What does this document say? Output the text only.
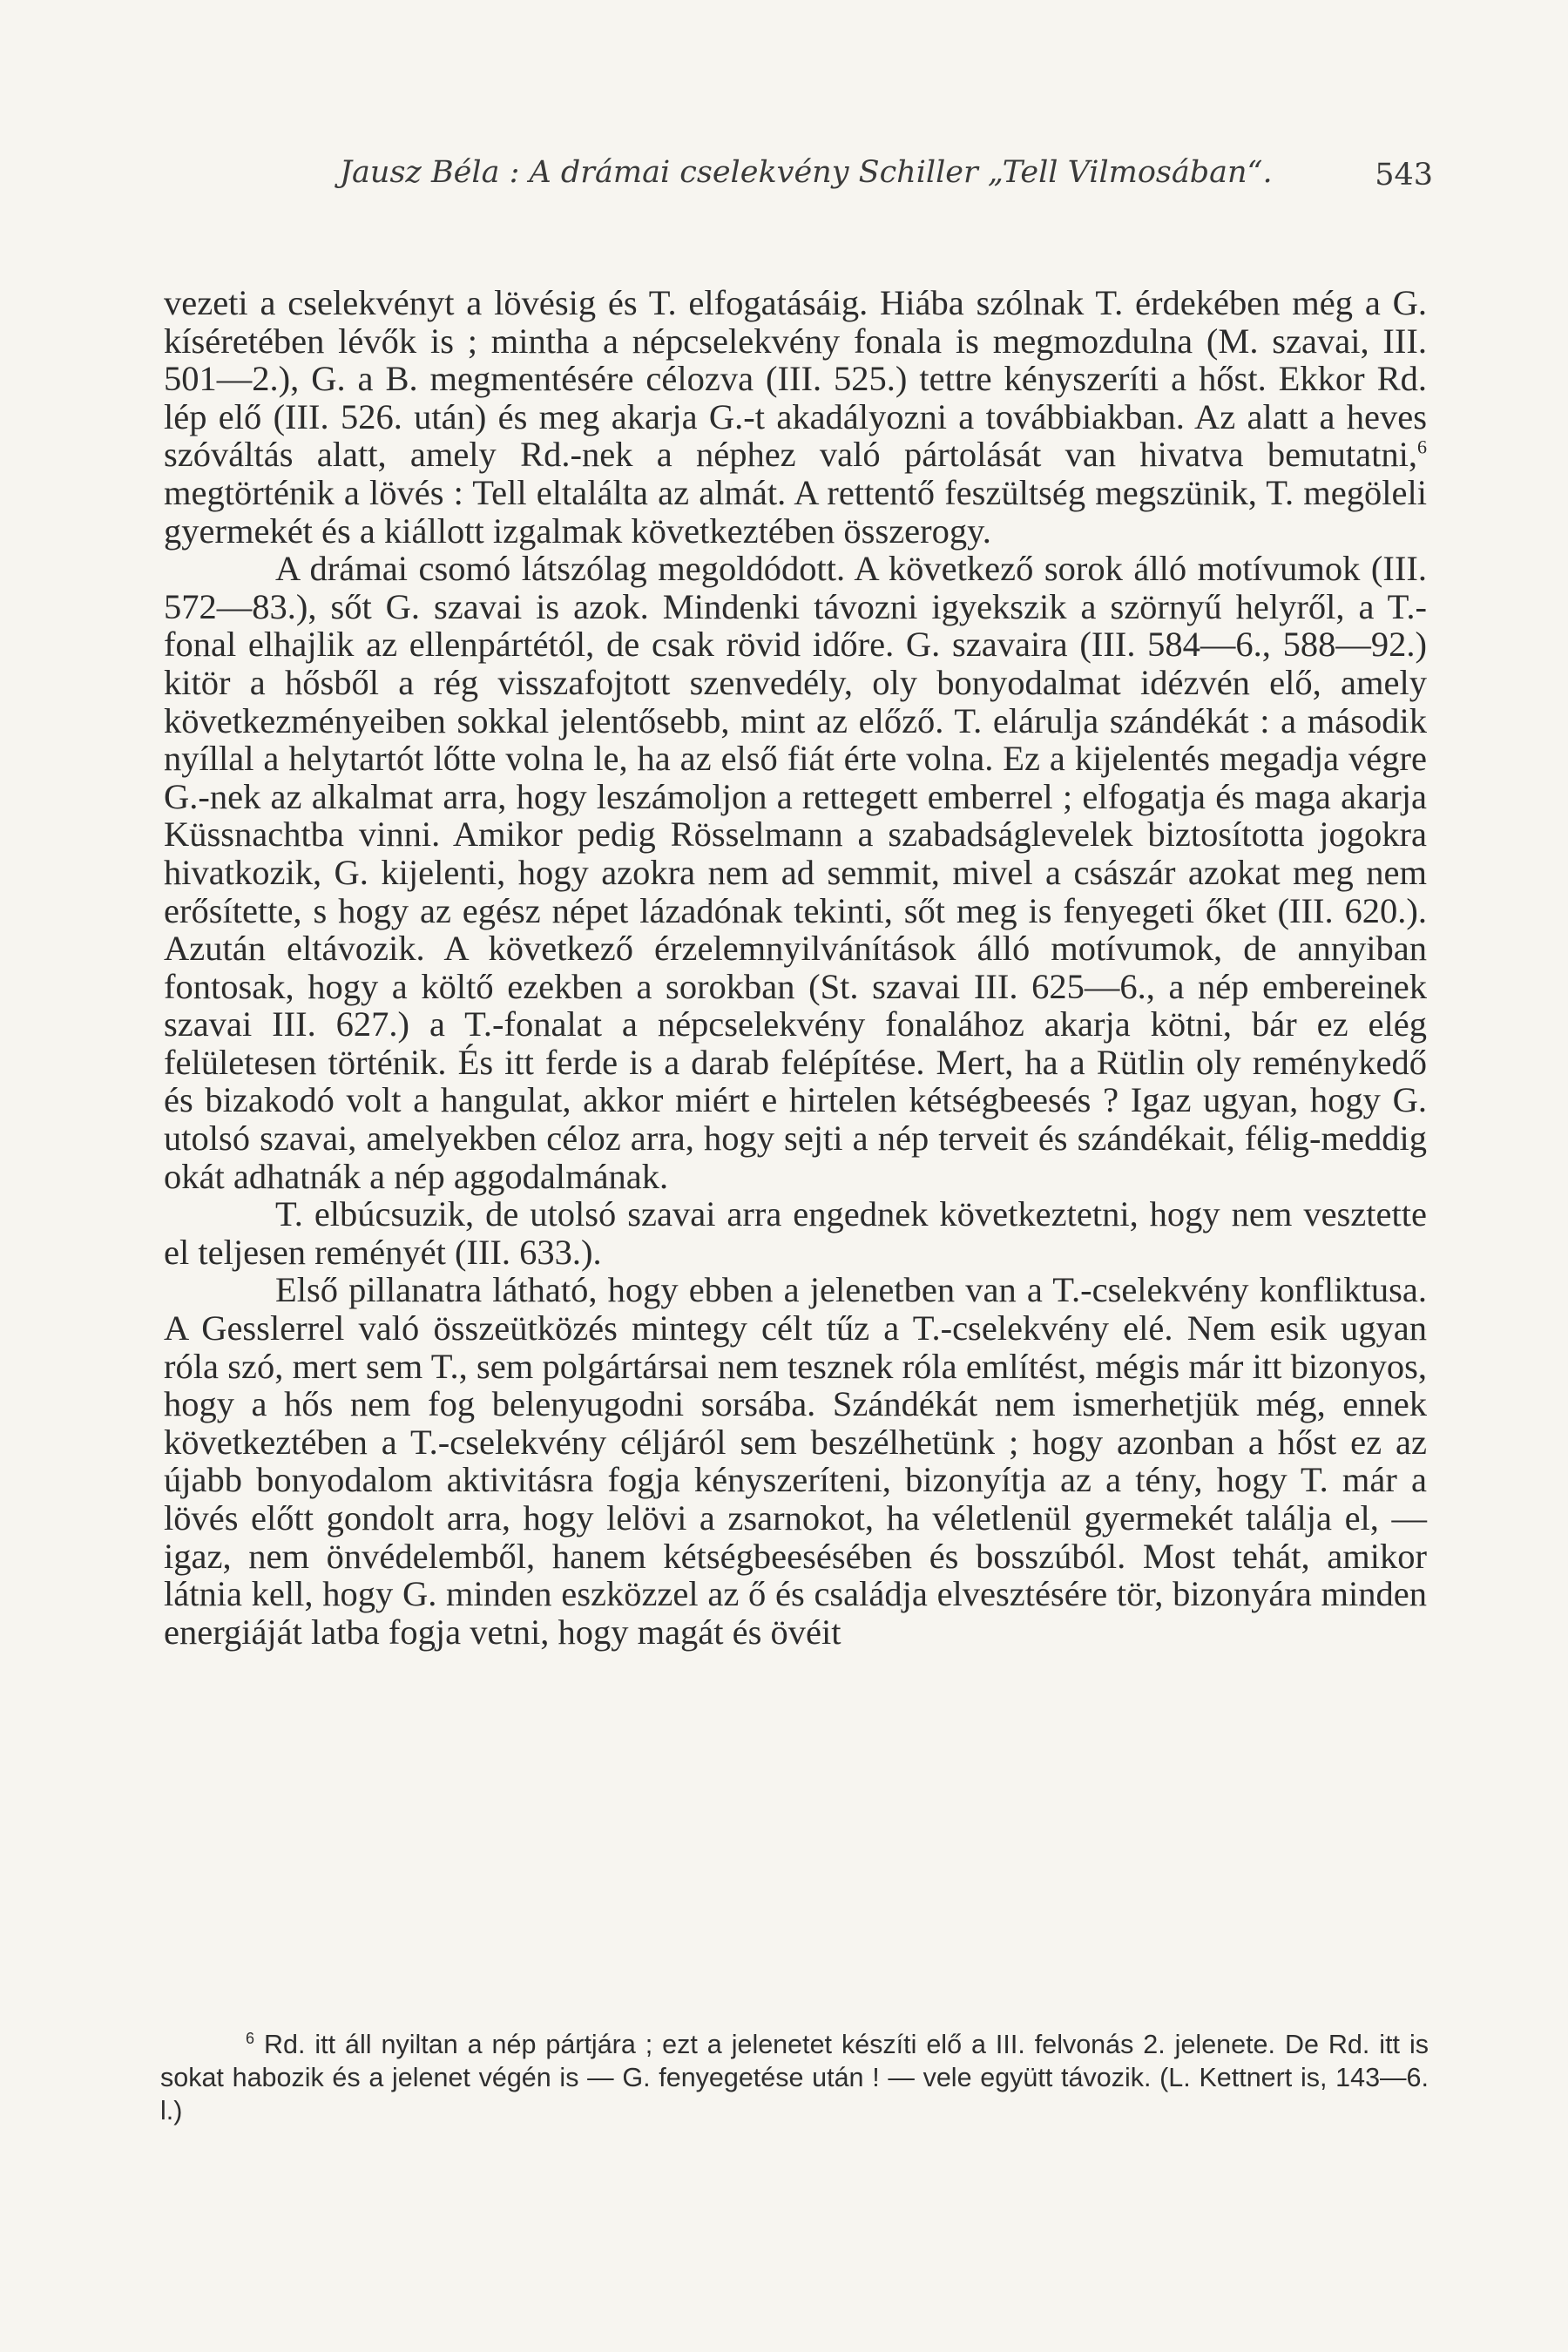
Jausz Béla : A drámai cselekvény Schiller „Tell Vilmosában“.	543

vezeti a cselekvényt a lövésig és T. elfogatásáig. Hiába szólnak T. érdekében még a G. kíséretében lévők is ; mintha a népcselekvény fonala is megmozdulna (M. szavai, III. 501—2.), G. a B. megmentésére célozva (III. 525.) tettre kényszeríti a hőst. Ekkor Rd. lép elő (III. 526. után) és meg akarja G.-t akadályozni a továbbiakban. Az alatt a heves szóváltás alatt, amely Rd.-nek a néphez való pártolását van hivatva bemutatni,$^6$ megtörténik a lövés : Tell eltalálta az almát. A rettentő feszültség megszünik, T. megöleli gyermekét és a kiállott izgalmak következtében összerogy.

A drámai csomó látszólag megoldódott. A következő sorok álló motívumok (III. 572—83.), sőt G. szavai is azok. Mindenki távozni igyekszik a szörnyű helyről, a T.-fonal elhajlik az ellenpártétól, de csak rövid időre. G. szavaira (III. 584—6., 588—92.) kitör a hősből a rég visszafojtott szenvedély, oly bonyodalmat idézvén elő, amely következményeiben sokkal jelentősebb, mint az előző. T. elárulja szándékát : a második nyíllal a helytartót lőtte volna le, ha az első fiát érte volna. Ez a kijelentés megadja végre G.-nek az alkalmat arra, hogy leszámoljon a rettegett emberrel ; elfogatja és maga akarja Küssnachtba vinni. Amikor pedig Rösselmann a szabadságlevelek biztosította jogokra hivatkozik, G. kijelenti, hogy azokra nem ad semmit, mivel a császár azokat meg nem erősítette, s hogy az egész népet lázadónak tekinti, sőt meg is fenyegeti őket (III. 620.). Azután eltávozik. A következő érzelemnyilvánítások álló motívumok, de annyiban fontosak, hogy a költő ezekben a sorokban (St. szavai III. 625—6., a nép embereinek szavai III. 627.) a T.-fonalat a népcselekvény fonalához akarja kötni, bár ez elég felületesen történik. És itt ferde is a darab felépítése. Mert, ha a Rütlin oly reménykedő és bizakodó volt a hangulat, akkor miért e hirtelen kétségbeesés ? Igaz ugyan, hogy G. utolsó szavai, amelyekben céloz arra, hogy sejti a nép terveit és szándékait, félig-meddig okát adhatnák a nép aggodalmának.

T. elbúcsuzik, de utolsó szavai arra engednek következtetni, hogy nem vesztette el teljesen reményét (III. 633.).

Első pillanatra látható, hogy ebben a jelenetben van a T.-cselekvény konfliktusa. A Gesslerrel való összeütközés mintegy célt tűz a T.-cselekvény elé. Nem esik ugyan róla szó, mert sem T., sem polgártársai nem tesznek róla említést, mégis már itt bizonyos, hogy a hős nem fog belenyugodni sorsába. Szándékát nem ismerhetjük még, ennek következtében a T.-cselekvény céljáról sem beszélhetünk ; hogy azonban a hőst ez az újabb bonyodalom aktivitásra fogja kényszeríteni, bizonyítja az a tény, hogy T. már a lövés előtt gondolt arra, hogy lelövi a zsarnokot, ha véletlenül gyermekét találja el, — igaz, nem önvédelemből, hanem kétségbeesésében és bosszúból. Most tehát, amikor látnia kell, hogy G. minden eszközzel az ő és családja elvesztésére tör, bizonyára minden energiáját latba fogja vetni, hogy magát és övéit

$^6$ Rd. itt áll nyiltan a nép pártjára ; ezt a jelenetet készíti elő a III. felvonás 2. jelenete. De Rd. itt is sokat habozik és a jelenet végén is — G. fenyegetése után ! — vele együtt távozik. (L. Kettnert is, 143—6. l.)
